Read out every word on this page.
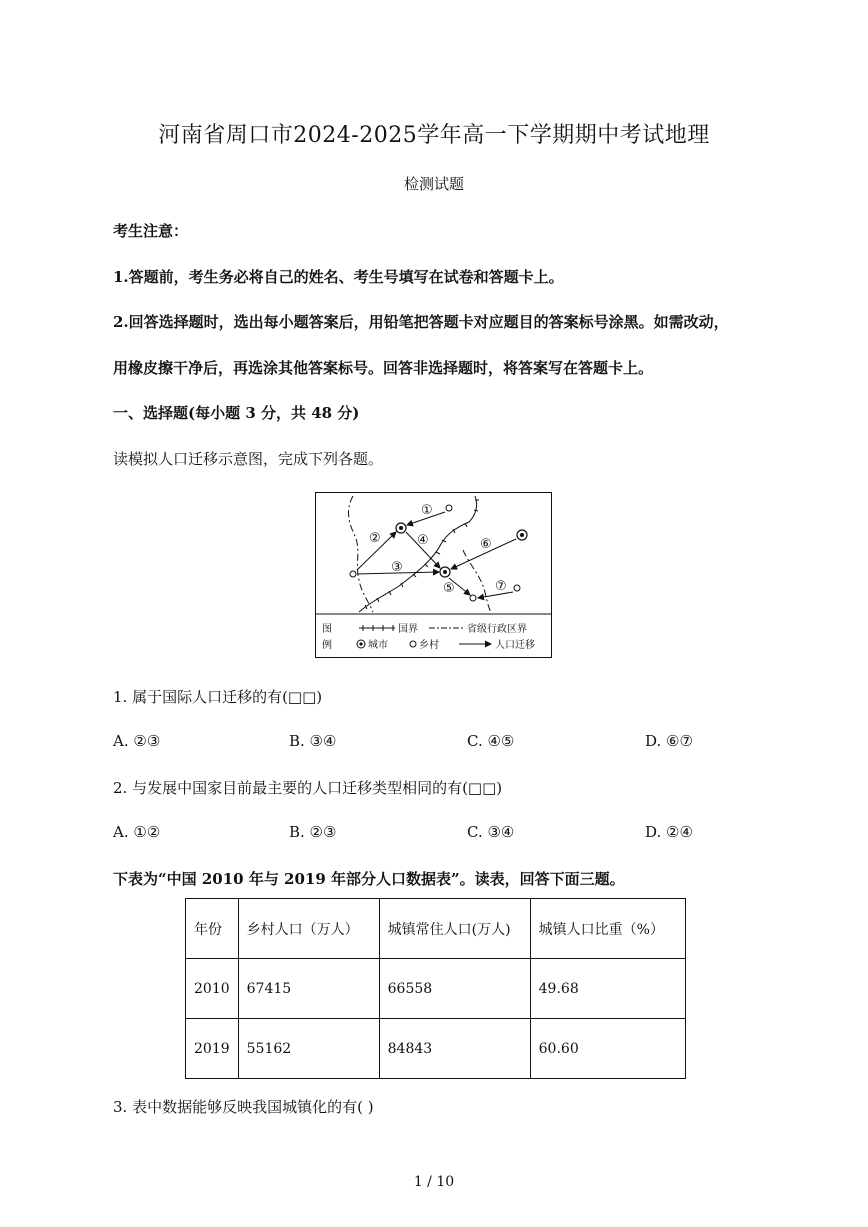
河南省周口市2024-2025学年高一下学期期中考试地理
检测试题
考生注意：
1.答题前，考生务必将自己的姓名、考生号填写在试卷和答题卡上。
2.回答选择题时，选出每小题答案后，用铅笔把答题卡对应题目的答案标号涂黑。如需改动，
用橡皮擦干净后，再选涂其他答案标号。回答非选择题时，将答案写在答题卡上。
一、选择题(每小题 3 分，共 48 分)
读模拟人口迁移示意图，完成下列各题。
①
②
③
④
⑤
⑥
⑦
图
例
国界	省级行政区界
城市	乡村	人口迁移
1. 属于国际人口迁移的有(□□)
A. ②③	B. ③④	C. ④⑤	D. ⑥⑦
2. 与发展中国家目前最主要的人口迁移类型相同的有(□□)
A. ①②	B. ②③	C. ③④	D. ②④
下表为“中国 2010 年与 2019 年部分人口数据表”。读表，回答下面三题。
年份	乡村人口（万人）	城镇常住人口(万人)	城镇人口比重（%）
2010	67415	66558	49.68
2019	55162	84843	60.60
3. 表中数据能够反映我国城镇化的有( )
1 / 10
